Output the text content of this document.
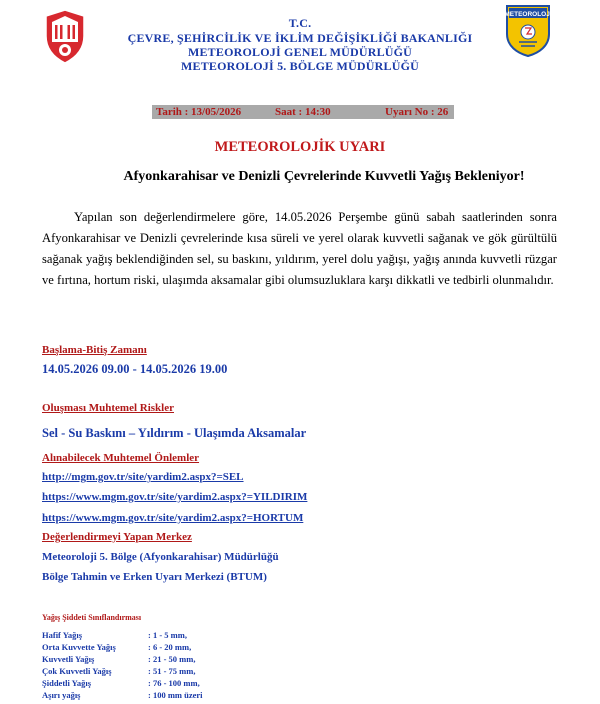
METEOROLOJİ
T.C.
ÇEVRE, ŞEHİRCİLİK VE İKLİM DEĞİŞİKLİĞİ BAKANLIĞI
METEOROLOJİ GENEL MÜDÜRLÜĞÜ
METEOROLOJİ 5. BÖLGE MÜDÜRLÜĞÜ
Tarih : 13/05/2026	Saat : 14:30	Uyarı No : 26
METEOROLOJİK UYARI
Afyonkarahisar ve Denizli Çevrelerinde Kuvvetli Yağış Bekleniyor!
Yapılan son değerlendirmelere göre, 14.05.2026 Perşembe günü sabah saatlerinden sonra Afyonkarahisar ve Denizli çevrelerinde kısa süreli ve yerel olarak kuvvetli sağanak ve gök gürültülü sağanak yağış beklendiğinden sel, su baskını, yıldırım, yerel dolu yağışı, yağış anında kuvvetli rüzgar ve fırtına, hortum riski, ulaşımda aksamalar gibi olumsuzluklara karşı dikkatli ve tedbirli olunmalıdır.
Başlama-Bitiş Zamanı
14.05.2026 09.00 - 14.05.2026 19.00
Oluşması Muhtemel Riskler
Sel - Su Baskını – Yıldırım - Ulaşımda Aksamalar
Alınabilecek Muhtemel Önlemler
http://mgm.gov.tr/site/yardim2.aspx?=SEL
https://www.mgm.gov.tr/site/yardim2.aspx?=YILDIRIM
https://www.mgm.gov.tr/site/yardim2.aspx?=HORTUM
Değerlendirmeyi Yapan Merkez
Meteoroloji 5. Bölge (Afyonkarahisar) Müdürlüğü
Bölge Tahmin ve Erken Uyarı Merkezi (BTUM)
Yağış Şiddeti Sınıflandırması
Hafif Yağış	: 1 - 5 mm,
Orta Kuvvette Yağış	: 6 - 20 mm,
Kuvvetli Yağış	: 21 - 50 mm,
Çok Kuvvetli Yağış	: 51 - 75 mm,
Şiddetli Yağış	: 76 - 100 mm,
Aşırı yağış	: 100 mm üzeri
